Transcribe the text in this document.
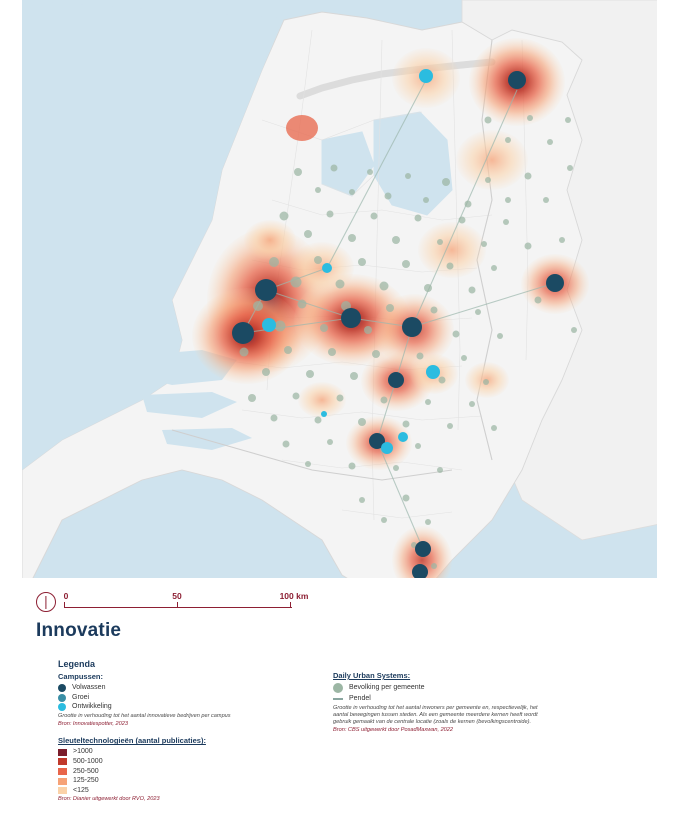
0	50	100 km
Innovatie
Legenda
Campussen:
Volwassen
Groei
Ontwikkeling
Grootte in verhouding tot het aantal innovatieve bedrijven per campus
Bron: Innovatiespotter, 2023
Sleuteltechnologieën (aantal publicaties):
>1000
500-1000
250-500
125-250
<125
Bron: Dianier uitgewerkt door RVO, 2023
Daily Urban Systems:
Bevolking per gemeente
Pendel
Grootte in verhouding tot het aantal inwoners per gemeente en, respectievelijk, het aantal bewegingen tussen steden. Als een gemeente meerdere kernen heeft wordt gebruik gemaakt van de centrale locatie (zoals de kernen (bevolkingscentroide).
Bron: CBS uitgewerkt door PosadMaxwan, 2022
